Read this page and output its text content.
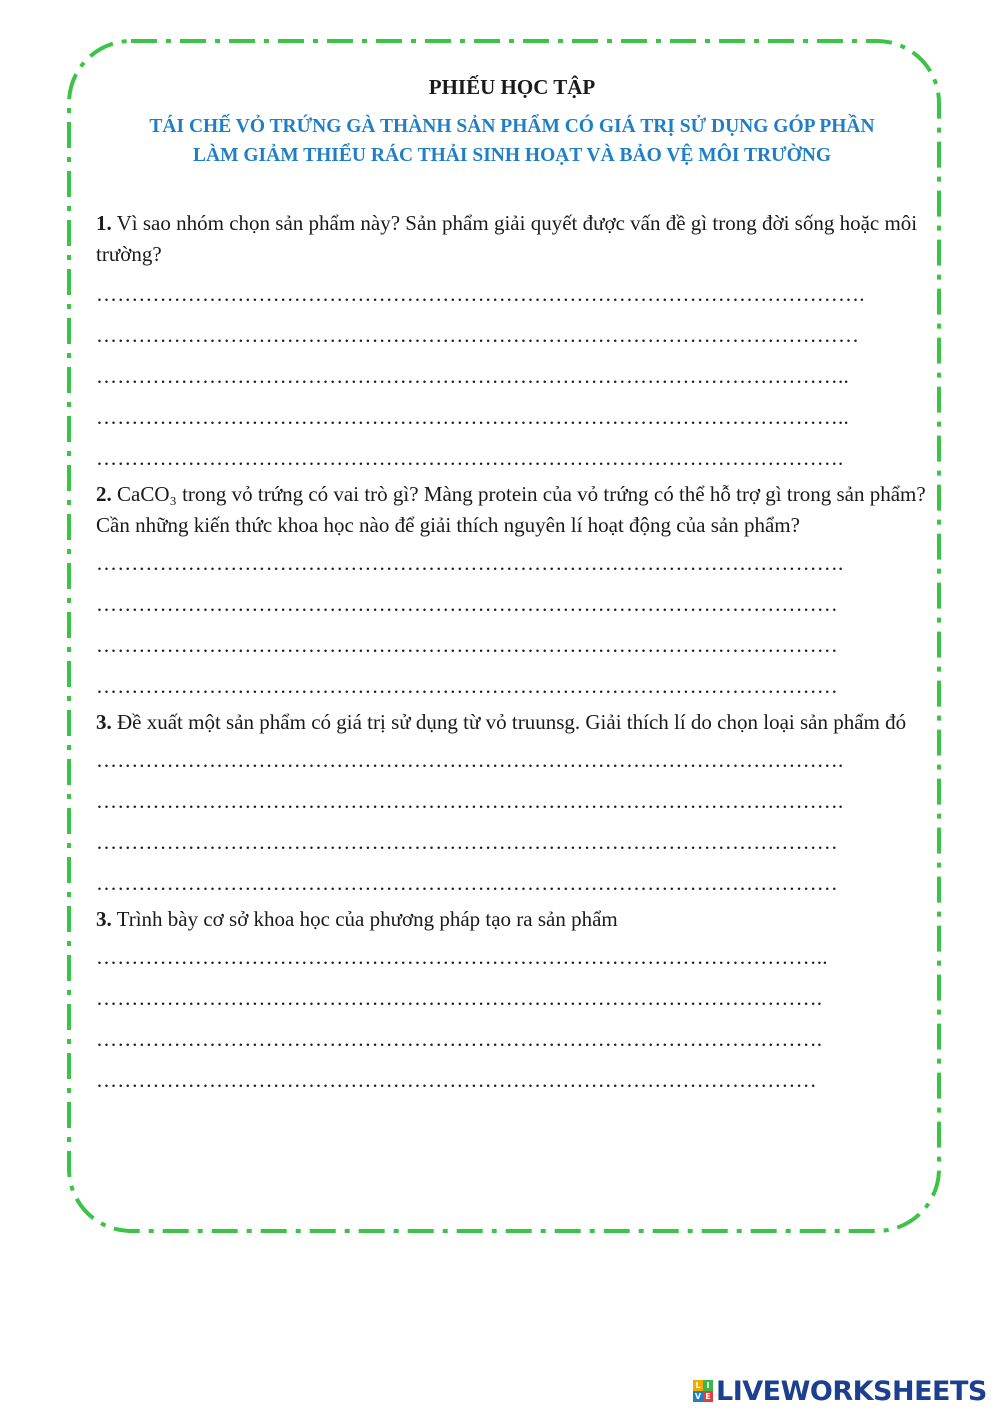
PHIẾU HỌC TẬP
TÁI CHẾ VỎ TRỨNG GÀ THÀNH SẢN PHẨM CÓ GIÁ TRỊ SỬ DỤNG GÓP PHẦN
LÀM GIẢM THIỂU RÁC THẢI SINH HOẠT VÀ BẢO VỆ MÔI TRƯỜNG

1. Vì sao nhóm chọn sản phẩm này? Sản phẩm giải quyết được vấn đề gì trong đời sống hoặc môi trường?

……………………………………………………………………………………………….
………………………………………………………………………………………………
……………………………………………………………………………………………..
……………………………………………………………………………………………..
…………………………………………………………………………………………….

2. CaCO₃ trong vỏ trứng có vai trò gì? Màng protein của vỏ trứng có thể hỗ trợ gì trong sản phẩm? Cần những kiến thức khoa học nào để giải thích nguyên lí hoạt động của sản phẩm?

…………………………………………………………………………………………….
……………………………………………………………………………………………
……………………………………………………………………………………………
……………………………………………………………………………………………

3. Đề xuất một sản phẩm có giá trị sử dụng từ vỏ truunsg. Giải thích lí do chọn loại sản phẩm đó

…………………………………………………………………………………………….
…………………………………………………………………………………………….
……………………………………………………………………………………………
……………………………………………………………………………………………

3. Trình bày cơ sở khoa học của phương pháp tạo ra sản phẩm

…………………………………………………………………………………………..
………………………………………………………………………………………….
………………………………………………………………………………………….
…………………………………………………………………………………………
L I
V E LIVEWORKSHEETS
